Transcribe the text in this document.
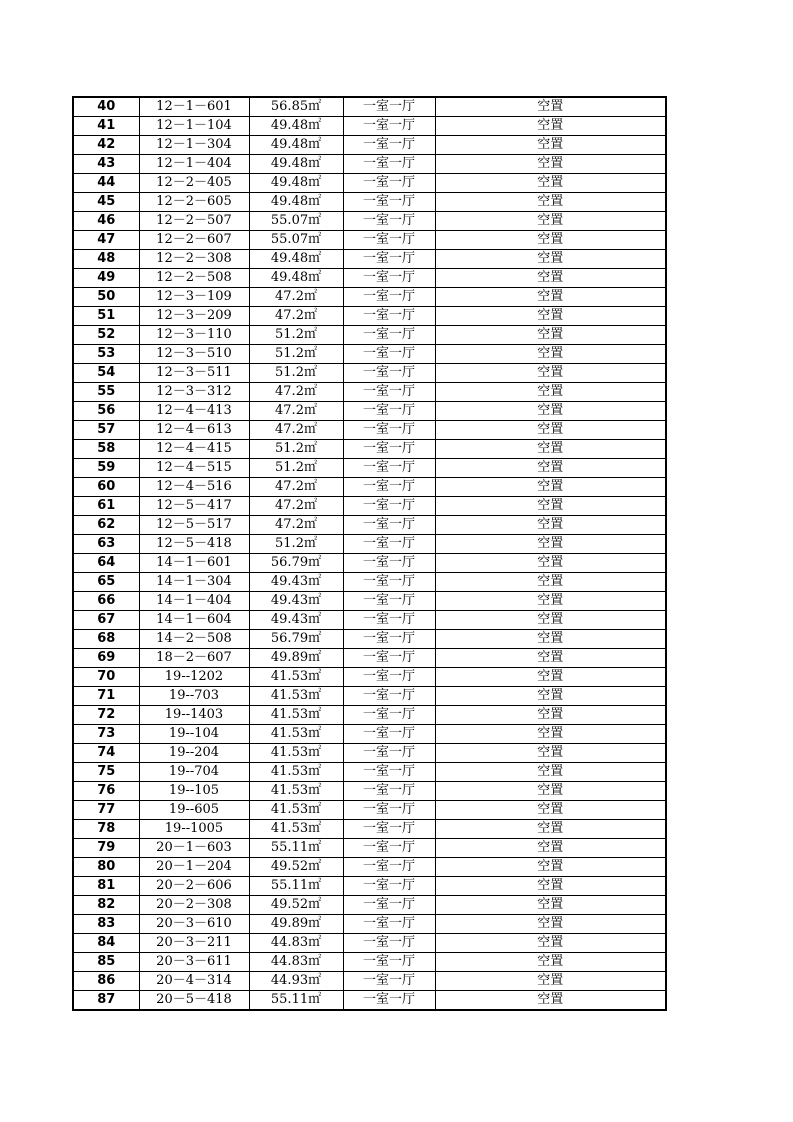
40	12－1－601	56.85㎡	一室一厅	空置
41	12－1－104	49.48㎡	一室一厅	空置
42	12－1－304	49.48㎡	一室一厅	空置
43	12－1－404	49.48㎡	一室一厅	空置
44	12－2－405	49.48㎡	一室一厅	空置
45	12－2－605	49.48㎡	一室一厅	空置
46	12－2－507	55.07㎡	一室一厅	空置
47	12－2－607	55.07㎡	一室一厅	空置
48	12－2－308	49.48㎡	一室一厅	空置
49	12－2－508	49.48㎡	一室一厅	空置
50	12－3－109	47.2㎡	一室一厅	空置
51	12－3－209	47.2㎡	一室一厅	空置
52	12－3－110	51.2㎡	一室一厅	空置
53	12－3－510	51.2㎡	一室一厅	空置
54	12－3－511	51.2㎡	一室一厅	空置
55	12－3－312	47.2㎡	一室一厅	空置
56	12－4－413	47.2㎡	一室一厅	空置
57	12－4－613	47.2㎡	一室一厅	空置
58	12－4－415	51.2㎡	一室一厅	空置
59	12－4－515	51.2㎡	一室一厅	空置
60	12－4－516	47.2㎡	一室一厅	空置
61	12－5－417	47.2㎡	一室一厅	空置
62	12－5－517	47.2㎡	一室一厅	空置
63	12－5－418	51.2㎡	一室一厅	空置
64	14－1－601	56.79㎡	一室一厅	空置
65	14－1－304	49.43㎡	一室一厅	空置
66	14－1－404	49.43㎡	一室一厅	空置
67	14－1－604	49.43㎡	一室一厅	空置
68	14－2－508	56.79㎡	一室一厅	空置
69	18－2－607	49.89㎡	一室一厅	空置
70	19--1202	41.53㎡	一室一厅	空置
71	19--703	41.53㎡	一室一厅	空置
72	19--1403	41.53㎡	一室一厅	空置
73	19--104	41.53㎡	一室一厅	空置
74	19--204	41.53㎡	一室一厅	空置
75	19--704	41.53㎡	一室一厅	空置
76	19--105	41.53㎡	一室一厅	空置
77	19--605	41.53㎡	一室一厅	空置
78	19--1005	41.53㎡	一室一厅	空置
79	20－1－603	55.11㎡	一室一厅	空置
80	20－1－204	49.52㎡	一室一厅	空置
81	20－2－606	55.11㎡	一室一厅	空置
82	20－2－308	49.52㎡	一室一厅	空置
83	20－3－610	49.89㎡	一室一厅	空置
84	20－3－211	44.83㎡	一室一厅	空置
85	20－3－611	44.83㎡	一室一厅	空置
86	20－4－314	44.93㎡	一室一厅	空置
87	20－5－418	55.11㎡	一室一厅	空置
